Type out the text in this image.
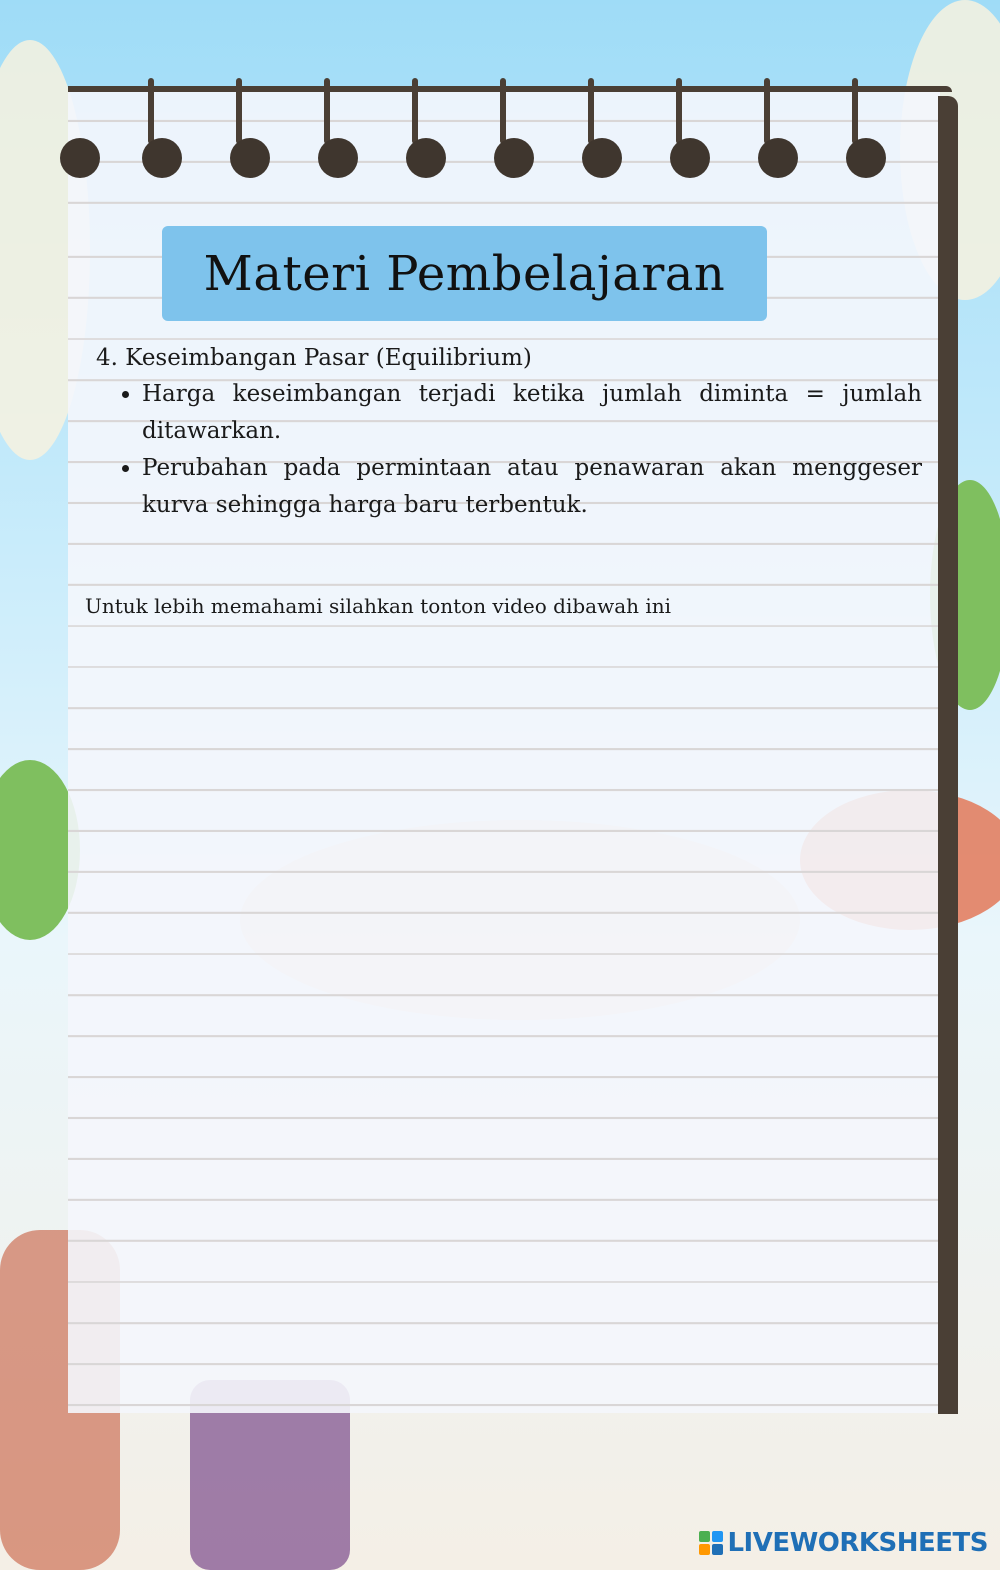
Materi Pembelajaran

4. Keseimbangan Pasar (Equilibrium)

• Harga keseimbangan terjadi ketika jumlah diminta = jumlah ditawarkan.
• Perubahan pada permintaan atau penawaran akan menggeser kurva sehingga harga baru terbentuk.
Untuk lebih memahami silahkan tonton video dibawah ini
LIVEWORKSHEETS
